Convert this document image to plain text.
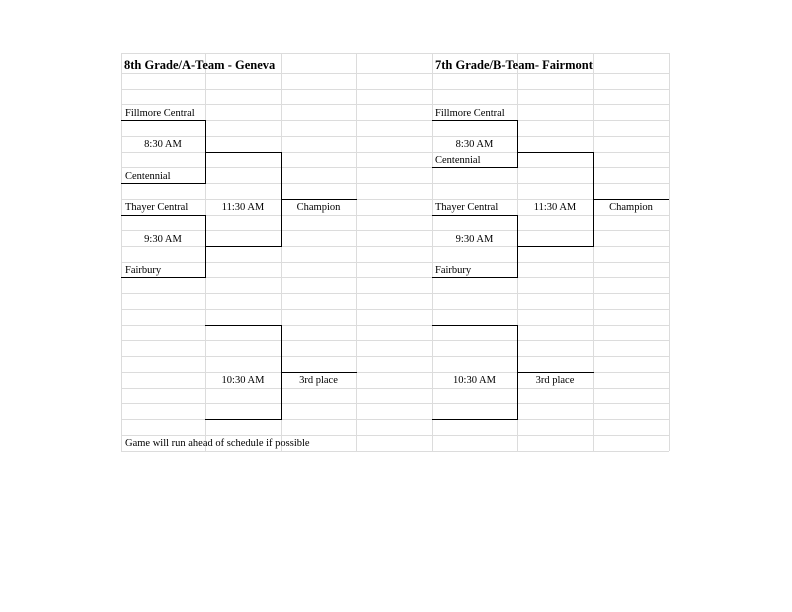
8th Grade/A-Team - Geneva
Fillmore Central
8:30 AM
Centennial
Thayer Central	11:30 AM	Champion
9:30 AM
Fairbury
10:30 AM	3rd place
Game will run ahead of schedule if possible
7th Grade/B-Team- Fairmont
Fillmore Central
8:30 AM
Centennial
Thayer Central	11:30 AM	Champion
9:30 AM
Fairbury
10:30 AM	3rd place
